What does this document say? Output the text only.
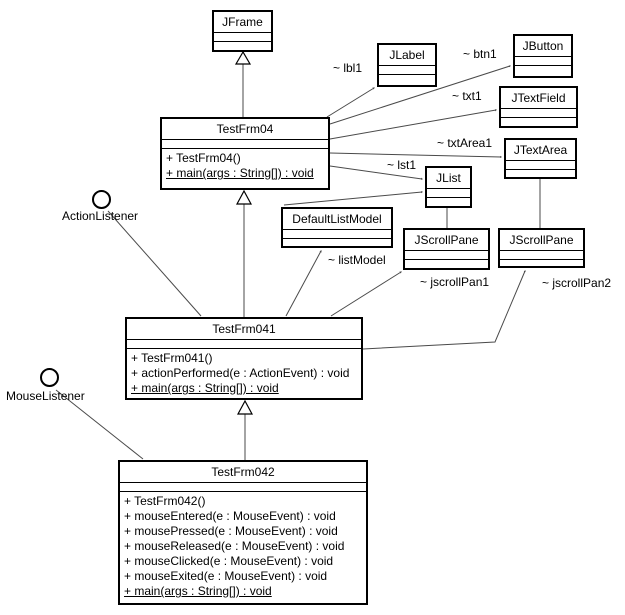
JFrame
TestFrm04
+ TestFrm04()
+ main(args : String[]) : void
JLabel
JButton
JTextField
JTextArea
JList
DefaultListModel
JScrollPane	JScrollPane
TestFrm041
+ TestFrm041()
+ actionPerformed(e : ActionEvent) : void
+ main(args : String[]) : void
TestFrm042
+ TestFrm042()
+ mouseEntered(e : MouseEvent) : void
+ mousePressed(e : MouseEvent) : void
+ mouseReleased(e : MouseEvent) : void
+ mouseClicked(e : MouseEvent) : void
+ mouseExited(e : MouseEvent) : void
+ main(args : String[]) : void
ActionListener
MouseListener
~ lbl1
~ btn1
~ txt1
~ txtArea1
~ lst1
~ listModel
~ jscrollPan1	~ jscrollPan2
